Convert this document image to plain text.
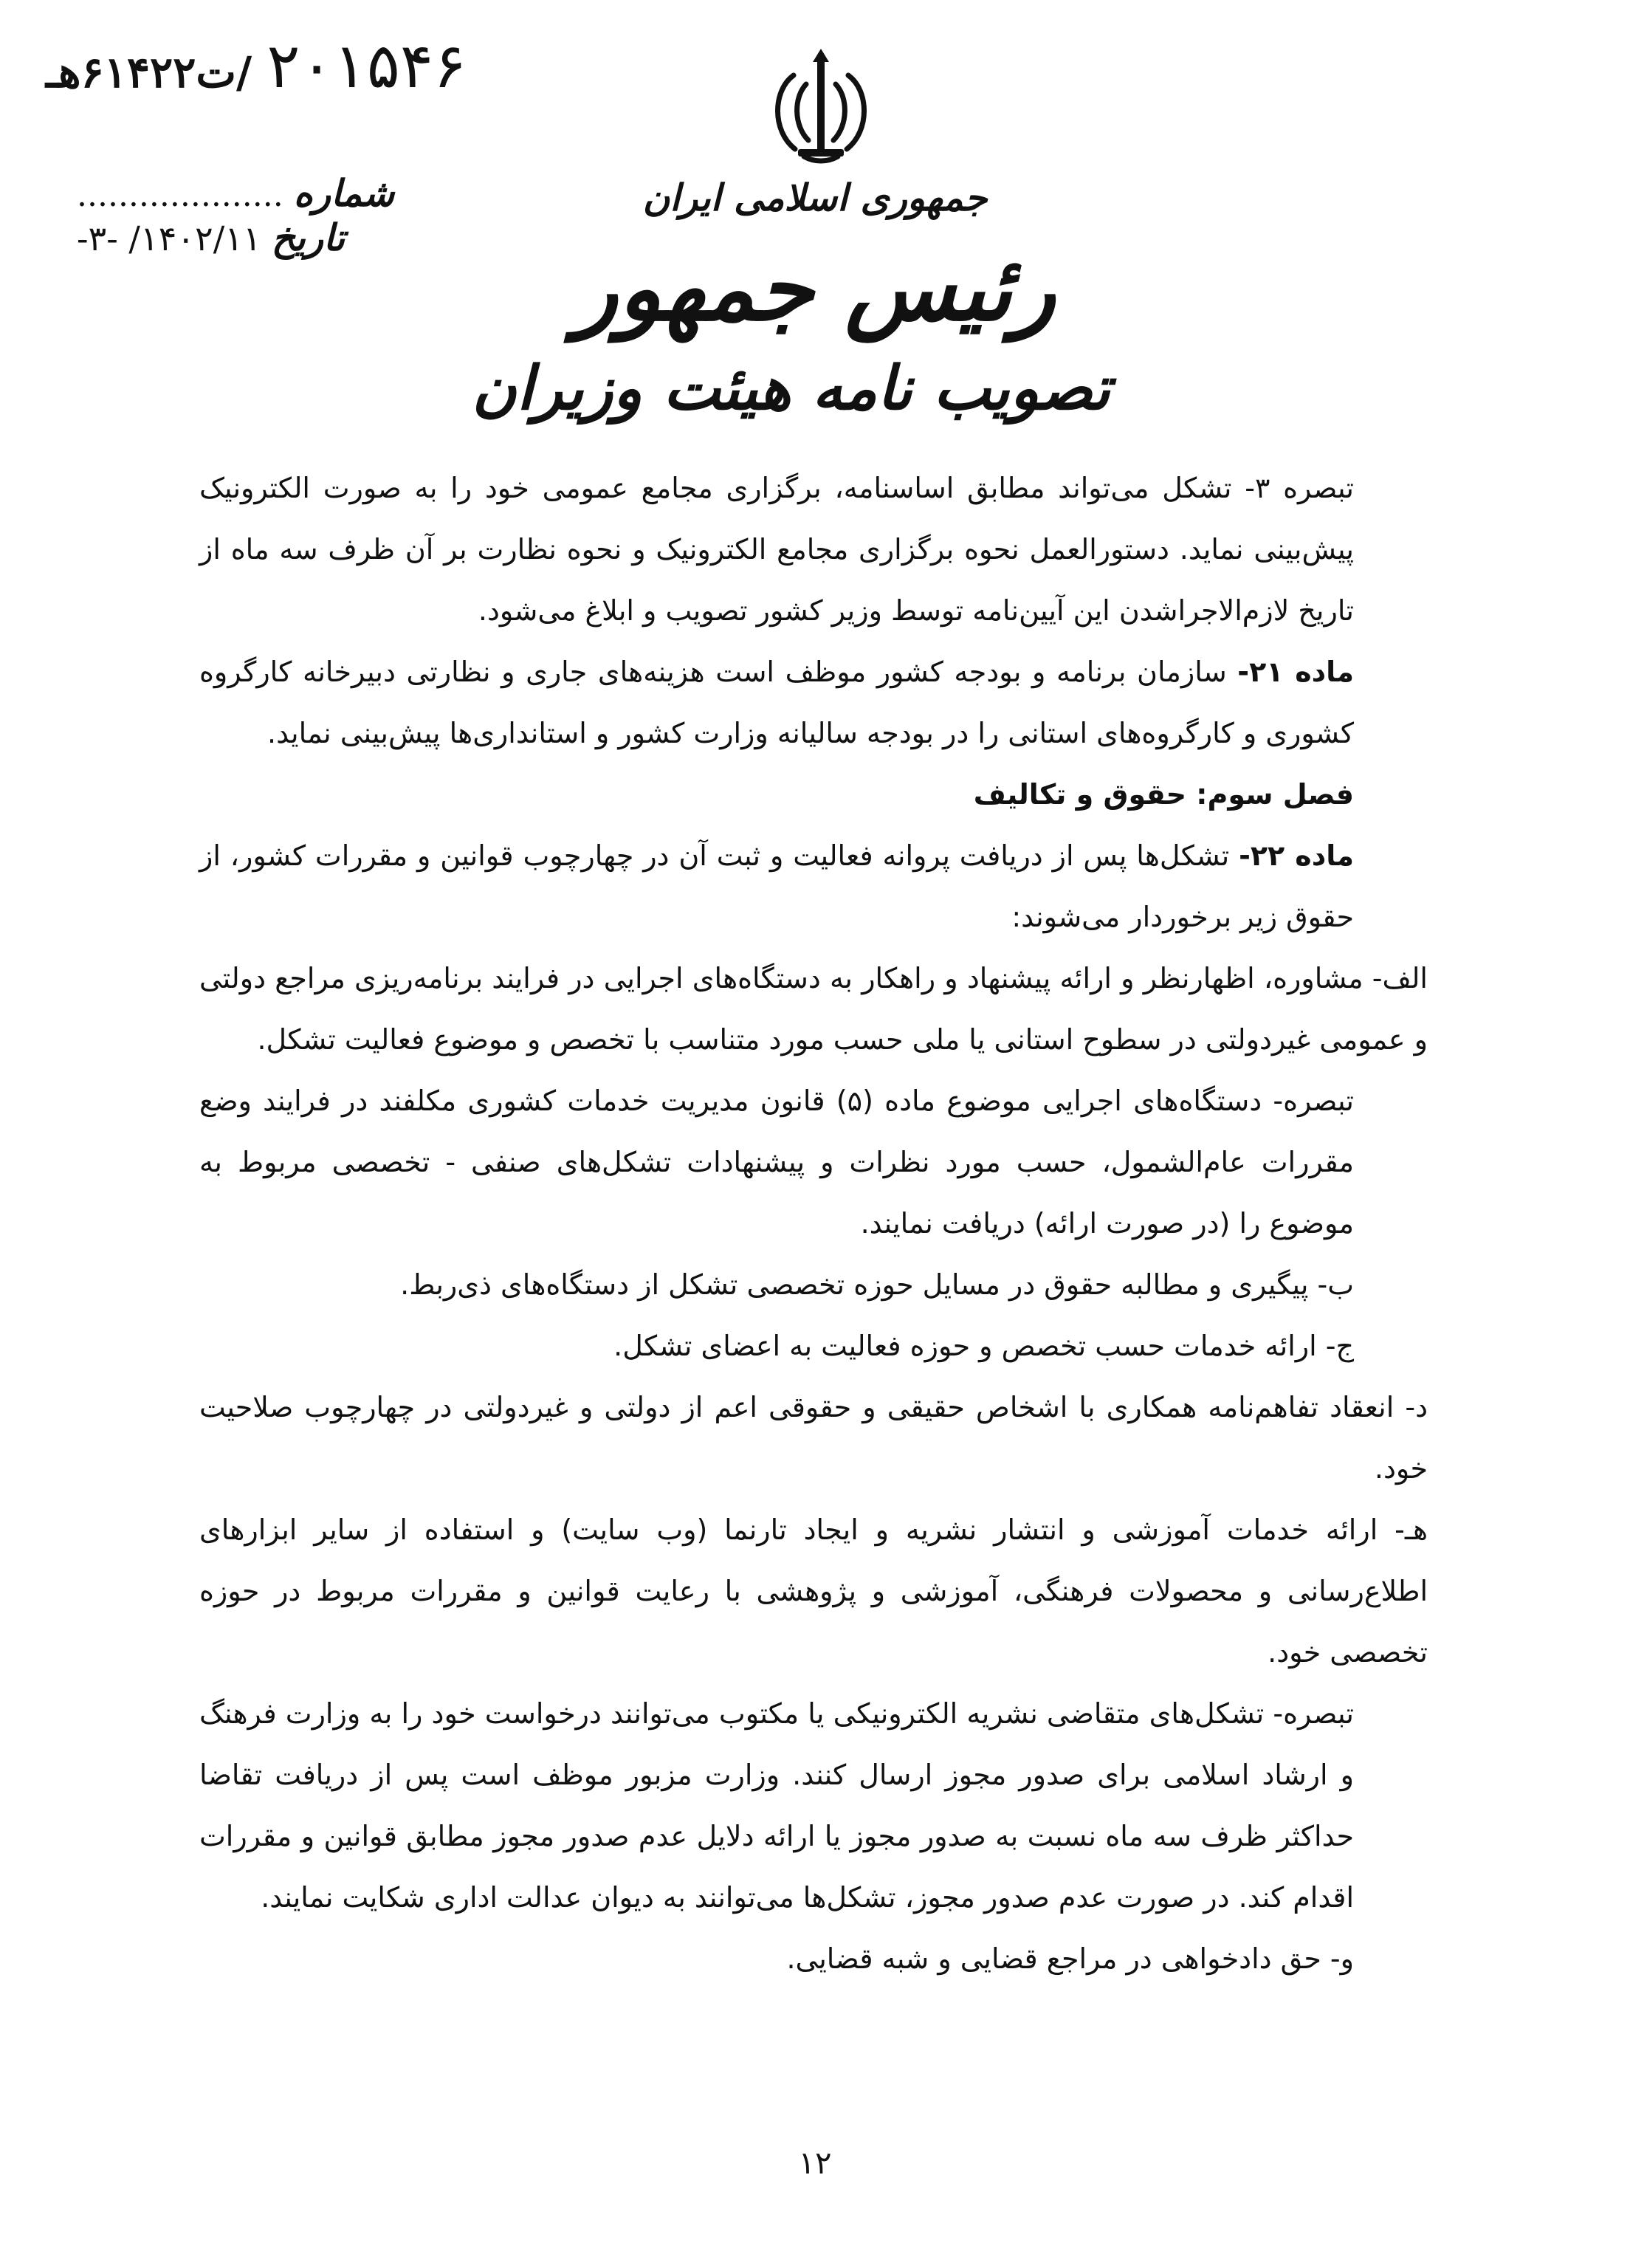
۲۰۱۵۴۶ /ت۶۱۴۲۲هـ
شماره ....................
تاریخ ۱۴۰۲/۱۱/ -۳-
جمهوری اسلامی ایران
رئیس جمهور
تصویب نامه هیئت وزیران

تبصره ۳- تشکل می‌تواند مطابق اساسنامه، برگزاری مجامع عمومی خود را به صورت الکترونیک پیش‌بینی نماید. دستورالعمل نحوه برگزاری مجامع الکترونیک و نحوه نظارت بر آن ظرف سه ماه از تاریخ لازم‌الاجراشدن این آیین‌نامه توسط وزیر کشور تصویب و ابلاغ می‌شود.

ماده ۲۱- سازمان برنامه و بودجه کشور موظف است هزینه‌های جاری و نظارتی دبیرخانه کارگروه کشوری و کارگروه‌های استانی را در بودجه سالیانه وزارت کشور و استانداری‌ها پیش‌بینی نماید.

فصل سوم: حقوق و تکالیف

ماده ۲۲- تشکل‌ها پس از دریافت پروانه فعالیت و ثبت آن در چهارچوب قوانین و مقررات کشور، از حقوق زیر برخوردار می‌شوند:

الف- مشاوره، اظهارنظر و ارائه پیشنهاد و راهکار به دستگاه‌های اجرایی در فرایند برنامه‌ریزی مراجع دولتی و عمومی غیردولتی در سطوح استانی یا ملی حسب مورد متناسب با تخصص و موضوع فعالیت تشکل.

تبصره- دستگاه‌های اجرایی موضوع ماده (۵) قانون مدیریت خدمات کشوری مکلفند در فرایند وضع مقررات عام‌الشمول، حسب مورد نظرات و پیشنهادات تشکل‌های صنفی - تخصصی مربوط به موضوع را (در صورت ارائه) دریافت نمایند.

ب- پیگیری و مطالبه حقوق در مسایل حوزه تخصصی تشکل از دستگاه‌های ذی‌ربط.

ج- ارائه خدمات حسب تخصص و حوزه فعالیت به اعضای تشکل.

د- انعقاد تفاهم‌نامه همکاری با اشخاص حقیقی و حقوقی اعم از دولتی و غیردولتی در چهارچوب صلاحیت خود.

هـ- ارائه خدمات آموزشی و انتشار نشریه و ایجاد تارنما (وب سایت) و استفاده از سایر ابزارهای اطلاع‌رسانی و محصولات فرهنگی، آموزشی و پژوهشی با رعایت قوانین و مقررات مربوط در حوزه تخصصی خود.

تبصره- تشکل‌های متقاضی نشریه الکترونیکی یا مکتوب می‌توانند درخواست خود را به وزارت فرهنگ و ارشاد اسلامی برای صدور مجوز ارسال کنند. وزارت مزبور موظف است پس از دریافت تقاضا حداکثر ظرف سه ماه نسبت به صدور مجوز یا ارائه دلایل عدم صدور مجوز مطابق قوانین و مقررات اقدام کند. در صورت عدم صدور مجوز، تشکل‌ها می‌توانند به دیوان عدالت اداری شکایت نمایند.

و- حق دادخواهی در مراجع قضایی و شبه قضایی.

۱۲
